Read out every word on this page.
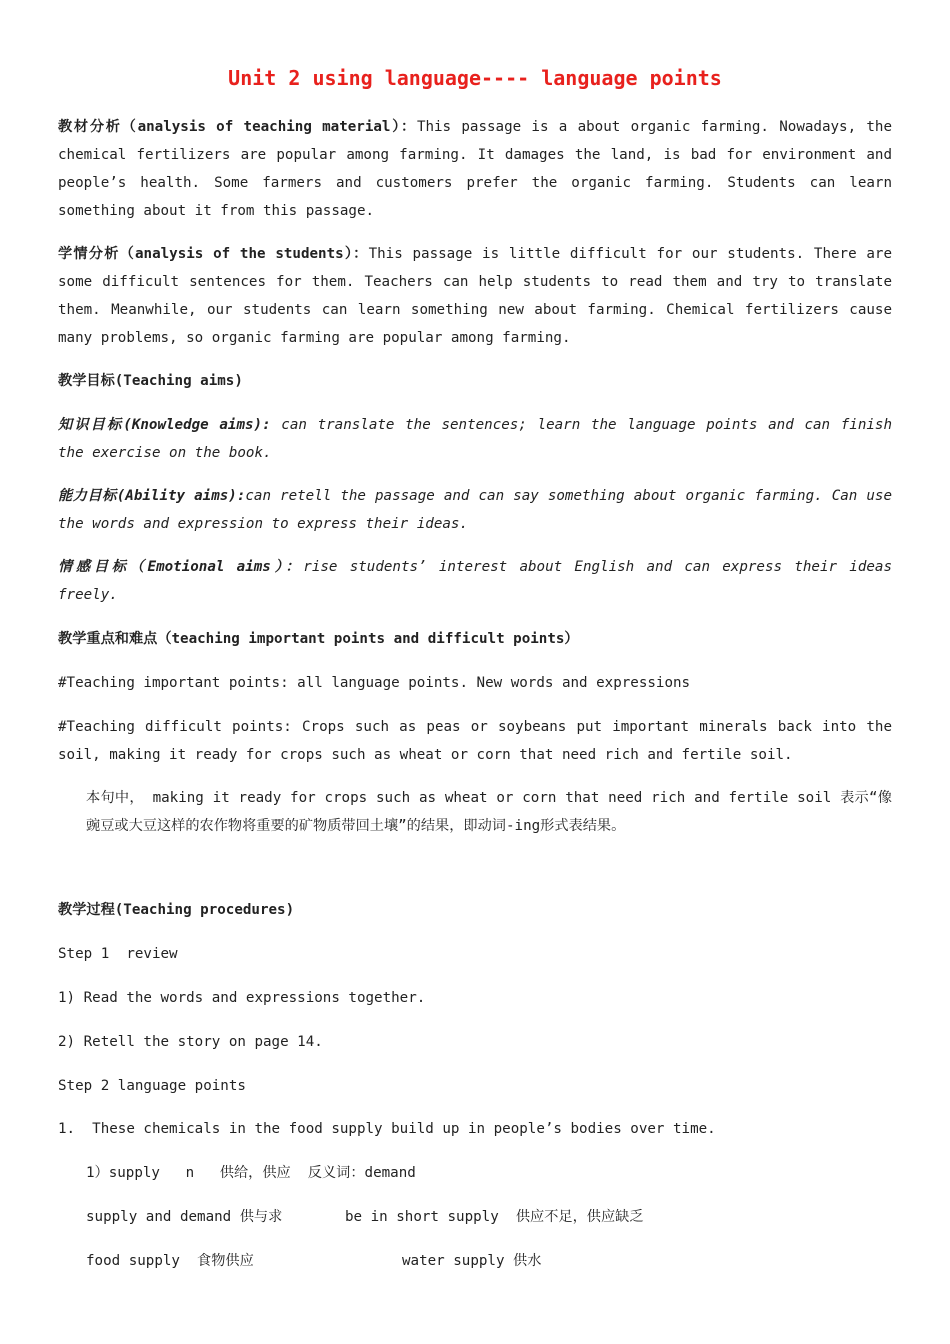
Unit 2 using language---- language points
教材分析（analysis of teaching material）：This passage is a about organic farming. Nowadays, the chemical fertilizers are popular among farming. It damages the land, is bad for environment and people’s health. Some farmers and customers prefer the organic farming. Students can learn something about it from this passage.
学情分析（analysis of the students）：This passage is little difficult for our students. There are some difficult sentences for them. Teachers can help students to read them and try to translate them. Meanwhile, our students can learn something new about farming. Chemical fertilizers cause many problems, so organic farming are popular among farming.
教学目标(Teaching aims)
知识目标(Knowledge aims): can translate the sentences; learn the language points and can finish the exercise on the book.
能力目标(Ability aims):can retell the passage and can say something about organic farming. Can use the words and expression to express their ideas.
情感目标（Emotional aims）：rise students’ interest about English and can express their ideas freely.
教学重点和难点（teaching important points and difficult points）
#Teaching important points: all language points. New words and expressions
#Teaching difficult points: Crops such as peas or soybeans put important minerals back into the soil, making it ready for crops such as wheat or corn that need rich and fertile soil.
本句中， making it ready for crops such as wheat or corn that need rich and fertile soil 表示“像豌豆或大豆这样的农作物将重要的矿物质带回土壤”的结果，即动词-ing形式表结果。
教学过程(Teaching procedures)
Step 1  review
1) Read the words and expressions together.
2) Retell the story on page 14.
Step 2 language points
1.  These chemicals in the food supply build up in people’s bodies over time.
1）supply   n   供给，供应  反义词：demand
supply and demand 供与求	be in short supply  供应不足，供应缺乏
food supply  食物供应	water supply 供水
